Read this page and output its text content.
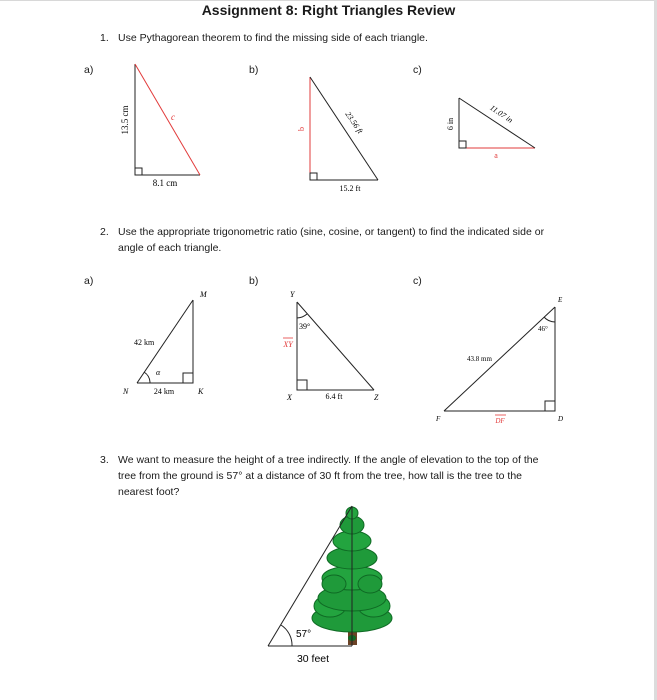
Assignment 8: Right Triangles Review
1. Use Pythagorean theorem to find the missing side of each triangle.
a)	b)	c)
2. Use the appropriate trigonometric ratio (sine, cosine, or tangent) to find the indicated side or
angle of each triangle.
a)	b)	c)
3. We want to measure the height of a tree indirectly. If the angle of elevation to the top of the
tree from the ground is 57° at a distance of 30 ft from the tree, how tall is the tree to the
nearest foot?
13.5 cm
8.1 cm
c
b	23.56 ft
15.2 ft
6 in	11.07 in
a
M
N	K
42 km
24 km
α
Y
X	Z
39°
XY
6.4 ft
E
F	D
46°
43.8 mm
DF
57°
30 feet
